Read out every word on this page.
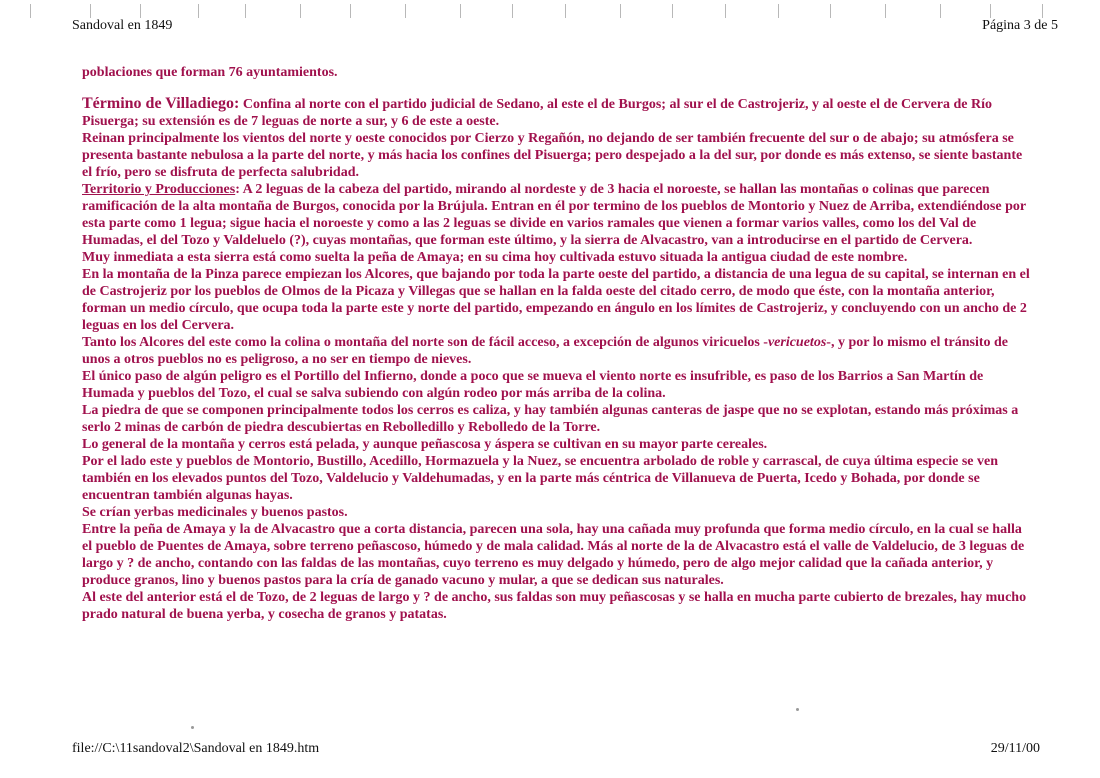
Sandoval en 1849	Página 3 de 5

poblaciones que forman 76 ayuntamientos.

Término de Villadiego: Confina al norte con el partido judicial de Sedano, al este el de Burgos; al sur el de Castrojeriz, y al oeste el de Cervera de Río Pisuerga; su extensión es de 7 leguas de norte a sur, y 6 de este a oeste.

Reinan principalmente los vientos del norte y oeste conocidos por Cierzo y Regañón, no dejando de ser también frecuente del sur o de abajo; su atmósfera se presenta bastante nebulosa a la parte del norte, y más hacia los confines del Pisuerga; pero despejado a la del sur, por donde es más extenso, se siente bastante el frío, pero se disfruta de perfecta salubridad.

Territorio y Producciones: A 2 leguas de la cabeza del partido, mirando al nordeste y de 3 hacia el noroeste, se hallan las montañas o colinas que parecen ramificación de la alta montaña de Burgos, conocida por la Brújula. Entran en él por termino de los pueblos de Montorio y Nuez de Arriba, extendiéndose por esta parte como 1 legua; sigue hacia el noroeste y como a las 2 leguas se divide en varios ramales que vienen a formar varios valles, como los del Val de Humadas, el del Tozo y Valdeluelo (?), cuyas montañas, que forman este último, y la sierra de Alvacastro, van a introducirse en el partido de Cervera.

Muy inmediata a esta sierra está como suelta la peña de Amaya; en su cima hoy cultivada estuvo situada la antigua ciudad de este nombre.

En la montaña de la Pinza parece empiezan los Alcores, que bajando por toda la parte oeste del partido, a distancia de una legua de su capital, se internan en el de Castrojeriz por los pueblos de Olmos de la Picaza y Villegas que se hallan en la falda oeste del citado cerro, de modo que éste, con la montaña anterior, forman un medio círculo, que ocupa toda la parte este y norte del partido, empezando en ángulo en los límites de Castrojeriz, y concluyendo con un ancho de 2 leguas en los del Cervera.

Tanto los Alcores del este como la colina o montaña del norte son de fácil acceso, a excepción de algunos viricuelos -vericuetos-, y por lo mismo el tránsito de unos a otros pueblos no es peligroso, a no ser en tiempo de nieves.

El único paso de algún peligro es el Portillo del Infierno, donde a poco que se mueva el viento norte es insufrible, es paso de los Barrios a San Martín de Humada y pueblos del Tozo, el cual se salva subiendo con algún rodeo por más arriba de la colina.

La piedra de que se componen principalmente todos los cerros es caliza, y hay también algunas canteras de jaspe que no se explotan, estando más próximas a serlo 2 minas de carbón de piedra descubiertas en Rebolledillo y Rebolledo de la Torre.

Lo general de la montaña y cerros está pelada, y aunque peñascosa y áspera se cultivan en su mayor parte cereales.

Por el lado este y pueblos de Montorio, Bustillo, Acedillo, Hormazuela y la Nuez, se encuentra arbolado de roble y carrascal, de cuya última especie se ven también en los elevados puntos del Tozo, Valdelucio y Valdehumadas, y en la parte más céntrica de Villanueva de Puerta, Icedo y Bohada, por donde se encuentran también algunas hayas.

Se crían yerbas medicinales y buenos pastos.

Entre la peña de Amaya y la de Alvacastro que a corta distancia, parecen una sola, hay una cañada muy profunda que forma medio círculo, en la cual se halla el pueblo de Puentes de Amaya, sobre terreno peñascoso, húmedo y de mala calidad. Más al norte de la de Alvacastro está el valle de Valdelucio, de 3 leguas de largo y ? de ancho, contando con las faldas de las montañas, cuyo terreno es muy delgado y húmedo, pero de algo mejor calidad que la cañada anterior, y produce granos, lino y buenos pastos para la cría de ganado vacuno y mular, a que se dedican sus naturales.

Al este del anterior está el de Tozo, de 2 leguas de largo y ? de ancho, sus faldas son muy peñascosas y se halla en mucha parte cubierto de brezales, hay mucho prado natural de buena yerba, y cosecha de granos y patatas.

file://C:\11sandoval2\Sandoval en 1849.htm	29/11/00
